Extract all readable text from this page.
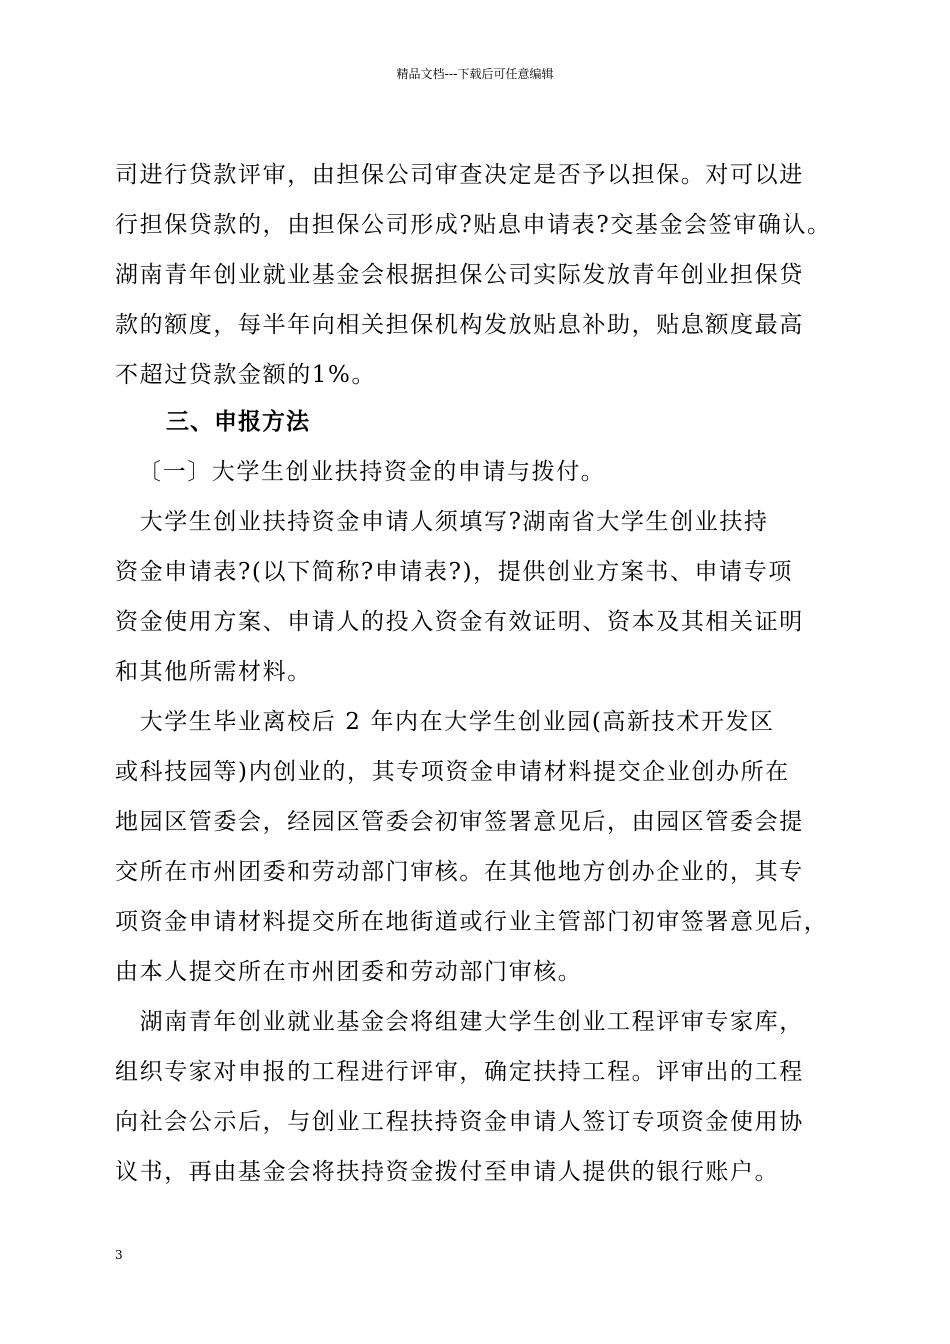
精品文档---下载后可任意编辑
司进行贷款评审，由担保公司审查决定是否予以担保。对可以进
行担保贷款的，由担保公司形成?贴息申请表?交基金会签审确认。
湖南青年创业就业基金会根据担保公司实际发放青年创业担保贷
款的额度，每半年向相关担保机构发放贴息补助，贴息额度最高
不超过贷款金额的1%。
三、申报方法
〔一〕大学生创业扶持资金的申请与拨付。
　大学生创业扶持资金申请人须填写?湖南省大学生创业扶持
资金申请表?(以下简称?申请表?)，提供创业方案书、申请专项
资金使用方案、申请人的投入资金有效证明、资本及其相关证明
和其他所需材料。
　大学生毕业离校后 2 年内在大学生创业园(高新技术开发区
或科技园等)内创业的，其专项资金申请材料提交企业创办所在
地园区管委会，经园区管委会初审签署意见后，由园区管委会提
交所在市州团委和劳动部门审核。在其他地方创办企业的，其专
项资金申请材料提交所在地街道或行业主管部门初审签署意见后，
由本人提交所在市州团委和劳动部门审核。
　湖南青年创业就业基金会将组建大学生创业工程评审专家库，
组织专家对申报的工程进行评审，确定扶持工程。评审出的工程
向社会公示后，与创业工程扶持资金申请人签订专项资金使用协
议书，再由基金会将扶持资金拨付至申请人提供的银行账户。
3
